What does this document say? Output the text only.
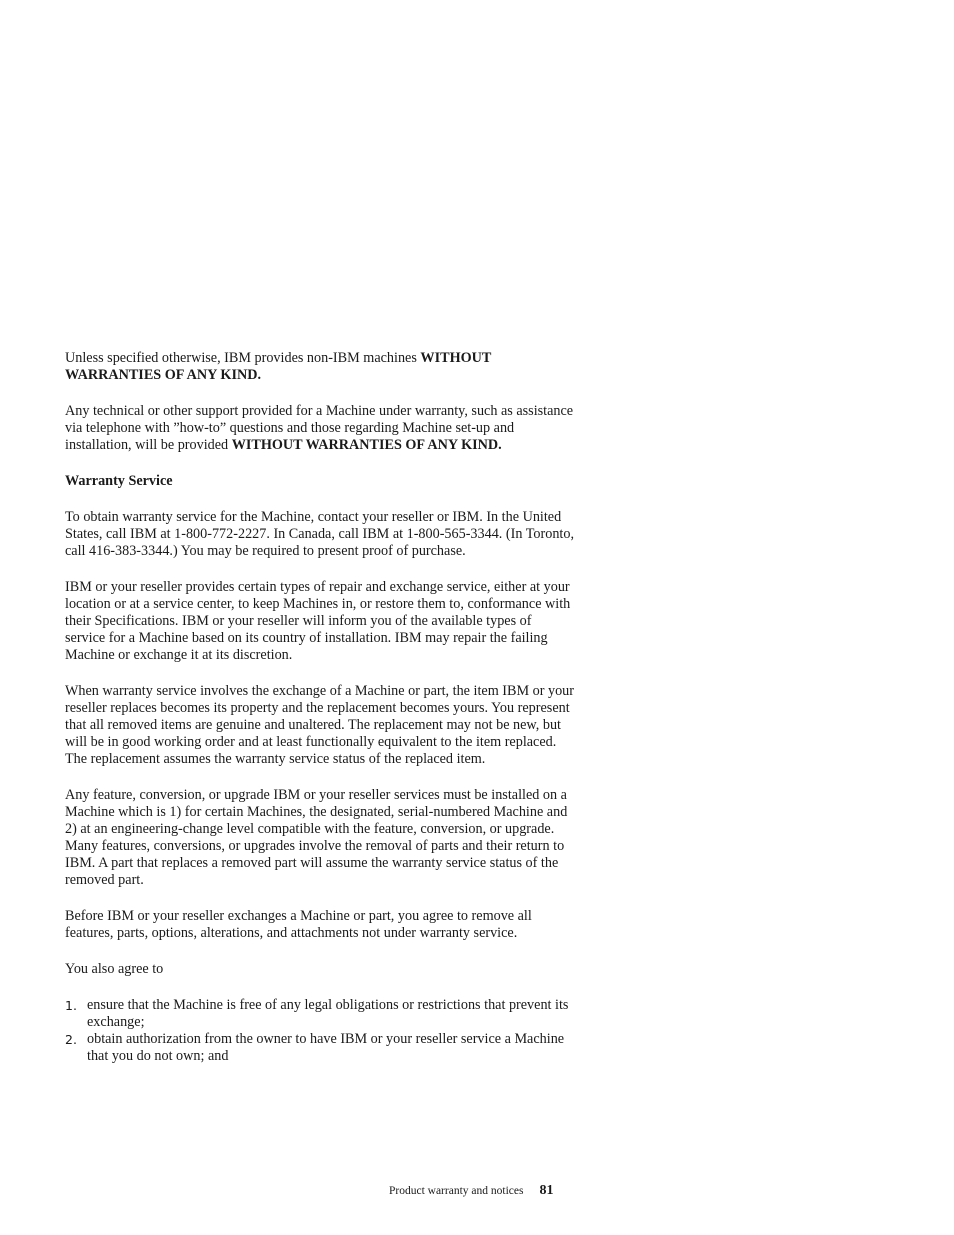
Unless specified otherwise, IBM provides non-IBM machines WITHOUT WARRANTIES OF ANY KIND.

Any technical or other support provided for a Machine under warranty, such as assistance via telephone with ”how-to” questions and those regarding Machine set-up and installation, will be provided WITHOUT WARRANTIES OF ANY KIND.

Warranty Service

To obtain warranty service for the Machine, contact your reseller or IBM. In the United States, call IBM at 1-800-772-2227. In Canada, call IBM at 1-800-565-3344. (In Toronto, call 416-383-3344.) You may be required to present proof of purchase.

IBM or your reseller provides certain types of repair and exchange service, either at your location or at a service center, to keep Machines in, or restore them to, conformance with their Specifications. IBM or your reseller will inform you of the available types of service for a Machine based on its country of installation. IBM may repair the failing Machine or exchange it at its discretion.

When warranty service involves the exchange of a Machine or part, the item IBM or your reseller replaces becomes its property and the replacement becomes yours. You represent that all removed items are genuine and unaltered. The replacement may not be new, but will be in good working order and at least functionally equivalent to the item replaced. The replacement assumes the warranty service status of the replaced item.

Any feature, conversion, or upgrade IBM or your reseller services must be installed on a Machine which is 1) for certain Machines, the designated, serial-numbered Machine and 2) at an engineering-change level compatible with the feature, conversion, or upgrade. Many features, conversions, or upgrades involve the removal of parts and their return to IBM. A part that replaces a removed part will assume the warranty service status of the removed part.

Before IBM or your reseller exchanges a Machine or part, you agree to remove all features, parts, options, alterations, and attachments not under warranty service.

You also agree to

1. ensure that the Machine is free of any legal obligations or restrictions that prevent its exchange;
2. obtain authorization from the owner to have IBM or your reseller service a Machine that you do not own; and
Product warranty and notices 81
